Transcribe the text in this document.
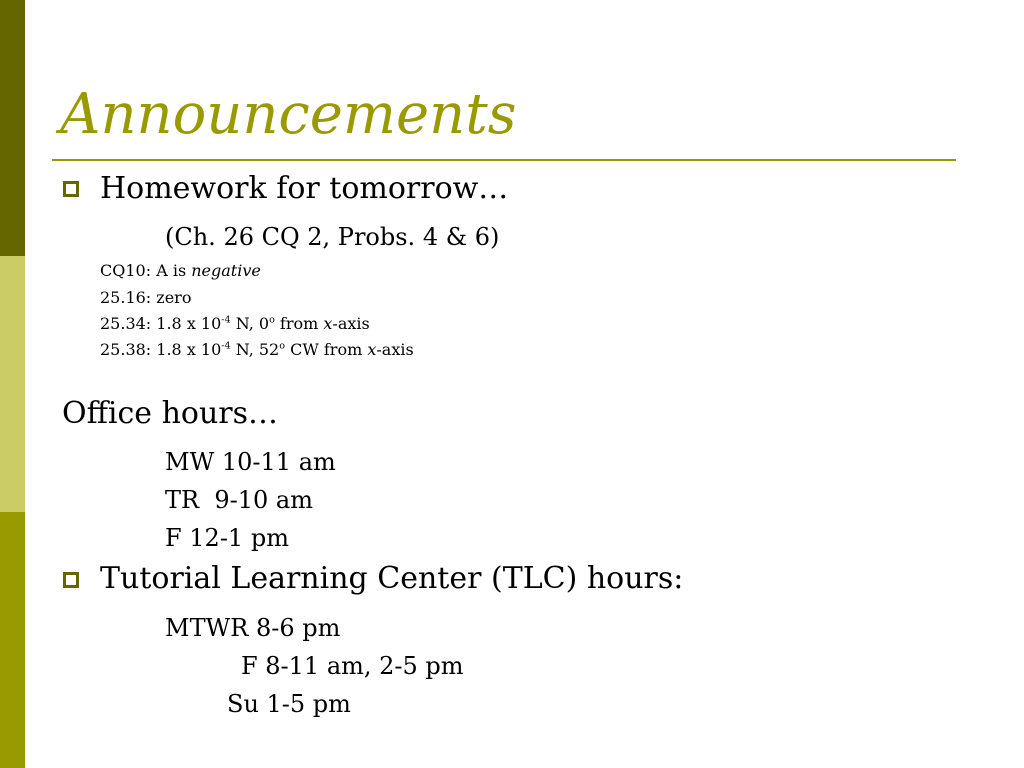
Announcements
Homework for tomorrow…
(Ch. 26 CQ 2, Probs. 4 & 6)
CQ10: A is negative
25.16: zero
25.34: 1.8 x $10^{-4}$ N, 0$^o$ from x-axis
25.38: 1.8 x $10^{-4}$ N, 52$^o$ CW from x-axis
Office hours…
MW 10-11 am
TR  9-10 am
F 12-1 pm
Tutorial Learning Center (TLC) hours:
MTWR 8-6 pm
F 8-11 am, 2-5 pm
Su 1-5 pm
